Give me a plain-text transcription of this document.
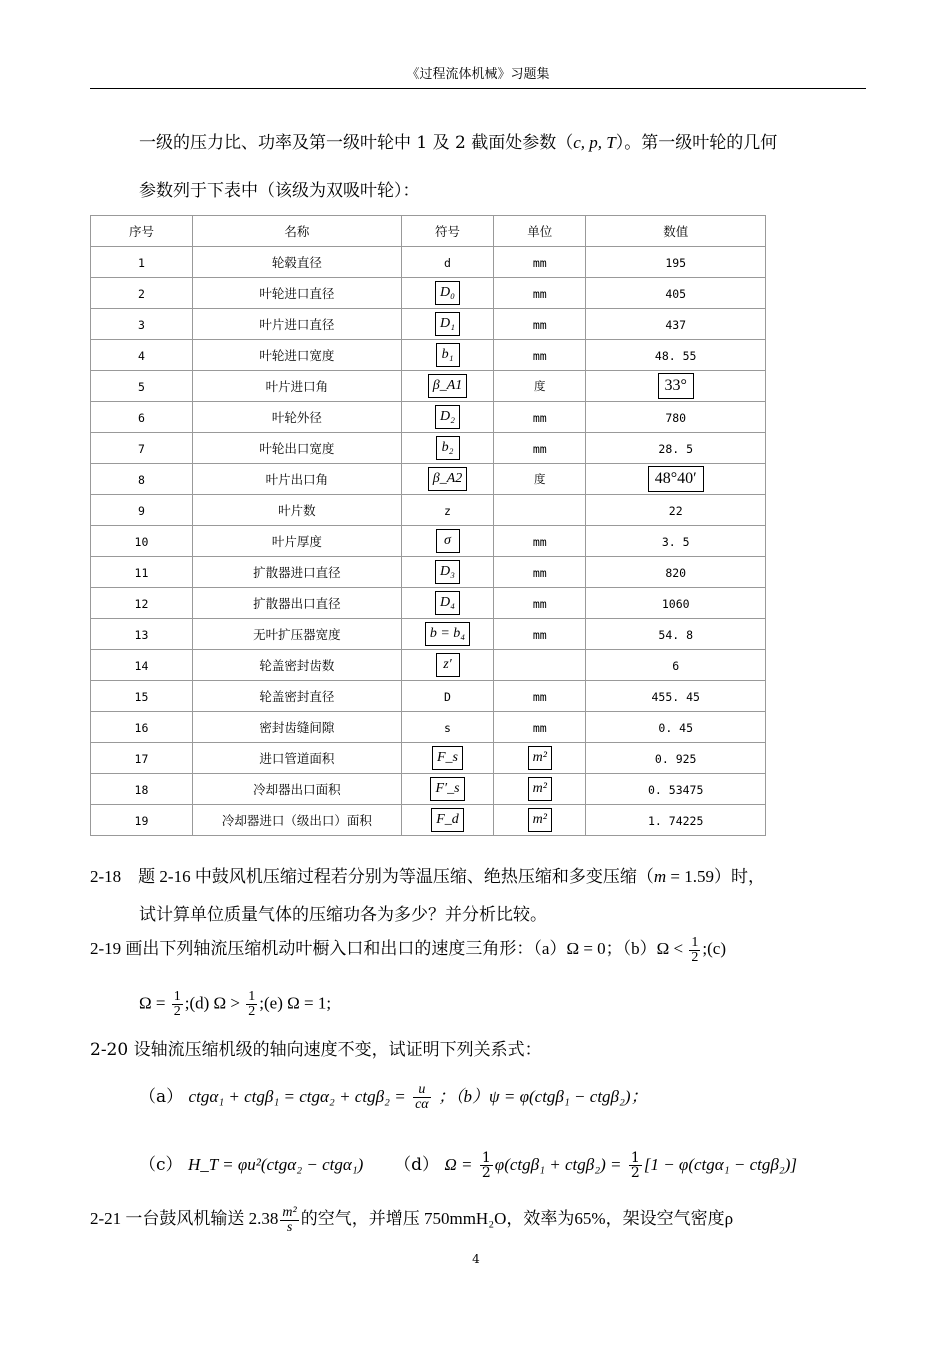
《过程流体机械》习题集
一级的压力比、功率及第一级叶轮中 1 及 2 截面处参数（c, p, T）。第一级叶轮的几何
参数列于下表中（该级为双吸叶轮）：
序号	名称	符号	单位	数值
1	轮毂直径	d	mm	195
2	叶轮进口直径	D₀	mm	405
3	叶片进口直径	D₁	mm	437
4	叶轮进口宽度	b₁	mm	48. 55
5	叶片进口角	β_A1	度	33°
6	叶轮外径	D₂	mm	780
7	叶轮出口宽度	b₂	mm	28. 5
8	叶片出口角	β_A2	度	48°40′
9	叶片数	z		22
10	叶片厚度	σ	mm	3. 5
11	扩散器进口直径	D₃	mm	820
12	扩散器出口直径	D₄	mm	1060
13	无叶扩压器宽度	b = b₄	mm	54. 8
14	轮盖密封齿数	z′		6
15	轮盖密封直径	D	mm	455. 45
16	密封齿缝间隙	s	mm	0. 45
17	进口管道面积	F_s	m²	0. 925
18	冷却器出口面积	F′_s	m²	0. 53475
19	冷却器进口（级出口）面积	F_d	m²	1. 74225
2-18　题 2-16 中鼓风机压缩过程若分别为等温压缩、绝热压缩和多变压缩（m = 1.59）时，
试计算单位质量气体的压缩功各为多少？并分析比较。
2-19 画出下列轴流压缩机动叶橱入口和出口的速度三角形：（a）Ω = 0；$(b)\Omega < \frac{1}{2}$ ;(c)
$\Omega = \frac{1}{2}$ ;(d) $\Omega > \frac{1}{2}$ ;(e) Ω = 1;
2-20 设轴流压缩机级的轴向速度不变，试证明下列关系式：
（a） $ctg\alpha_1 + ctg\beta_1 = ctg\alpha_2 + ctg\beta_2 = \frac{u}{c\alpha}$ ；（b）ψ = φ(ctgβ₁ − ctgβ₂)；
（c） H_T = φu²(ctgα₂ − ctgα₁) （d） $\Omega = \frac{1}{2} \varphi(ctg\beta_1 + ctg\beta_2) = \frac{1}{2} [1 - \varphi(ctg\alpha_1 - ctg\beta_2)]$
2-21 一台鼓风机输送 $2.38 \frac{\text{m²}}{s}$ 的空气，并增压 750mmH₂O，效率为65%，架设空气密度ρ
4
